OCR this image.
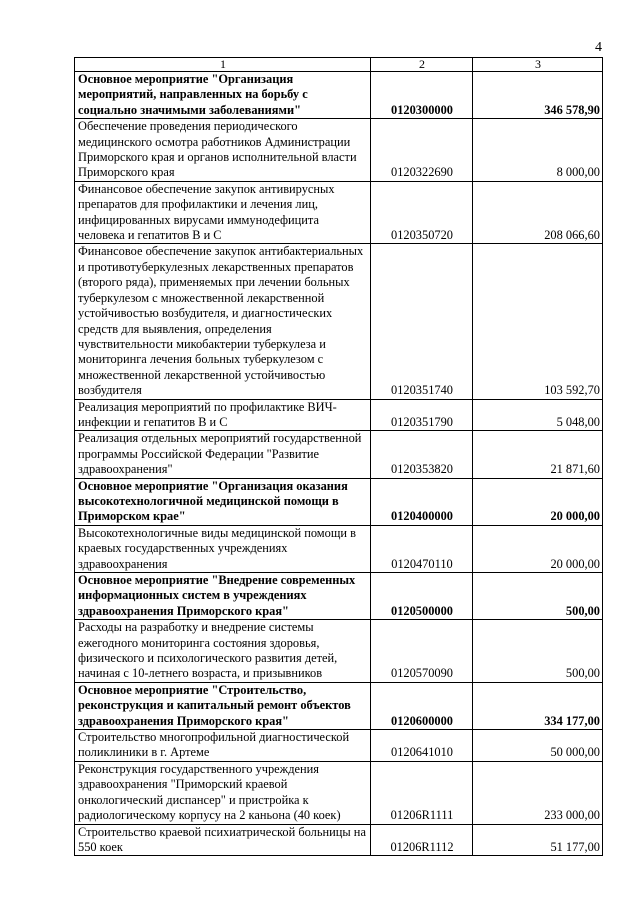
4
1	2	3
Основное мероприятие "Организация мероприятий, направленных на борьбу с социально значимыми заболеваниями"	0120300000	346 578,90
Обеспечение проведения периодического медицинского осмотра работников Администрации Приморского края и органов исполнительной власти Приморского края	0120322690	8 000,00
Финансовое обеспечение закупок антивирусных препаратов для профилактики и лечения лиц, инфицированных вирусами иммунодефицита человека и гепатитов B и C	0120350720	208 066,60
Финансовое обеспечение закупок антибактериальных и противотуберкулезных лекарственных препаратов (второго ряда), применяемых при лечении больных туберкулезом с множественной лекарственной устойчивостью возбудителя, и диагностических средств для выявления, определения чувствительности микобактерии туберкулеза и мониторинга лечения больных туберкулезом с множественной лекарственной устойчивостью возбудителя	0120351740	103 592,70
Реализация мероприятий по профилактике ВИЧ-инфекции и гепатитов B и C	0120351790	5 048,00
Реализация отдельных мероприятий государственной программы Российской Федерации "Развитие здравоохранения"	0120353820	21 871,60
Основное мероприятие "Организация оказания высокотехнологичной медицинской помощи в Приморском крае"	0120400000	20 000,00
Высокотехнологичные виды медицинской помощи в краевых государственных учреждениях здравоохранения	0120470110	20 000,00
Основное мероприятие "Внедрение современных информационных систем в учреждениях здравоохранения Приморского края"	0120500000	500,00
Расходы на разработку и внедрение системы ежегодного мониторинга состояния здоровья, физического и психологического развития детей, начиная с 10-летнего возраста, и призывников	0120570090	500,00
Основное мероприятие "Строительство, реконструкция и капитальный ремонт объектов здравоохранения Приморского края"	0120600000	334 177,00
Строительство многопрофильной диагностической поликлиники в г. Артеме	0120641010	50 000,00
Реконструкция государственного учреждения здравоохранения "Приморский краевой онкологический диспансер" и пристройка к радиологическому корпусу на 2 каньона (40 коек)	01206R1111	233 000,00
Строительство краевой психиатрической больницы на 550 коек	01206R1112	51 177,00
